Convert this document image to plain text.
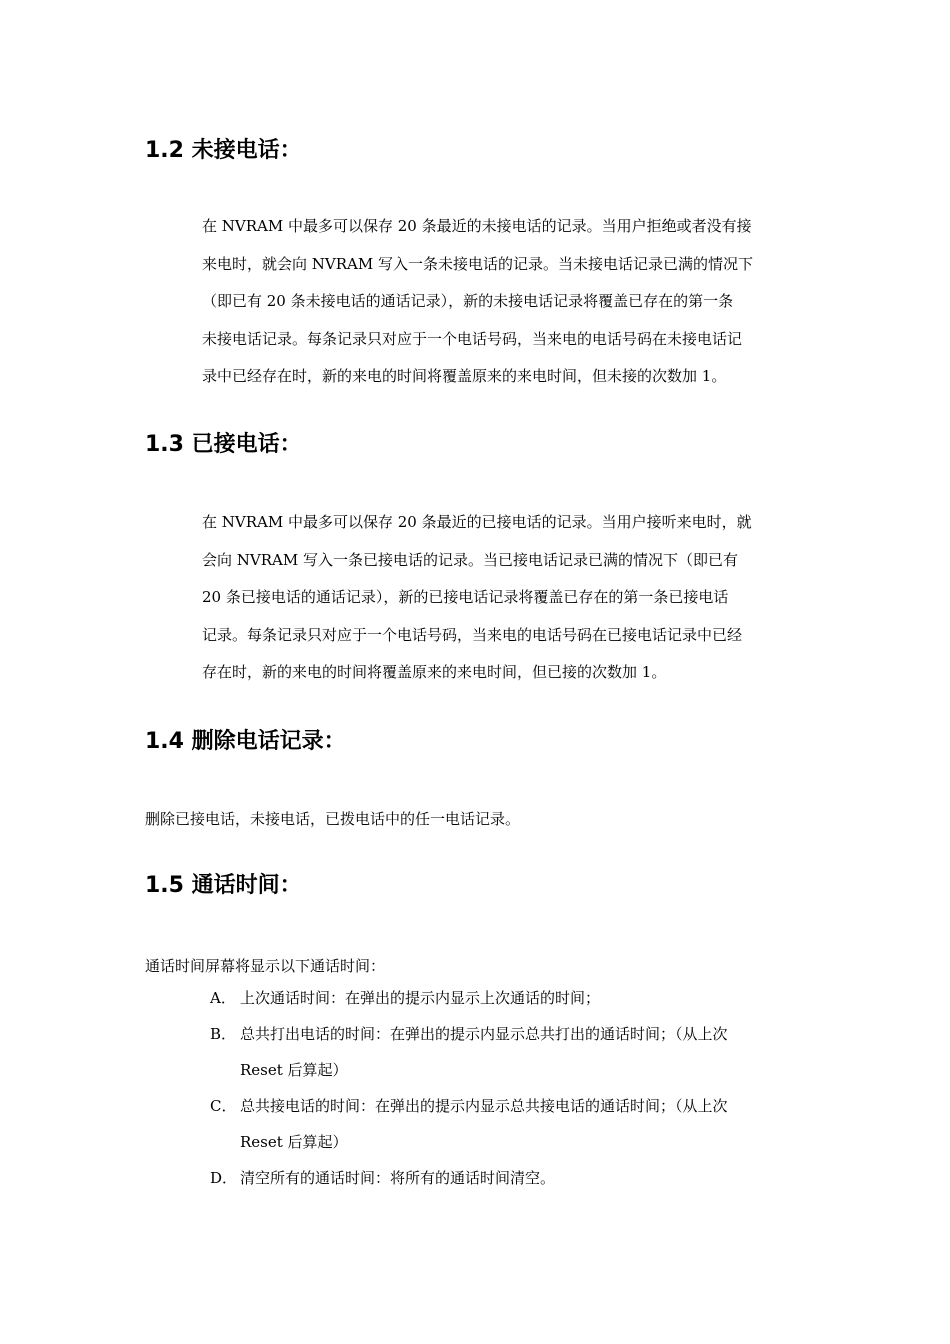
1.2 未接电话：
在 NVRAM 中最多可以保存 20 条最近的未接电话的记录。当用户拒绝或者没有接
来电时，就会向 NVRAM 写入一条未接电话的记录。当未接电话记录已满的情况下
（即已有 20 条未接电话的通话记录），新的未接电话记录将覆盖已存在的第一条
未接电话记录。每条记录只对应于一个电话号码，当来电的电话号码在未接电话记
录中已经存在时，新的来电的时间将覆盖原来的来电时间，但未接的次数加 1。
1.3 已接电话：
在 NVRAM 中最多可以保存 20 条最近的已接电话的记录。当用户接听来电时，就
会向 NVRAM 写入一条已接电话的记录。当已接电话记录已满的情况下（即已有
20 条已接电话的通话记录），新的已接电话记录将覆盖已存在的第一条已接电话
记录。每条记录只对应于一个电话号码，当来电的电话号码在已接电话记录中已经
存在时，新的来电的时间将覆盖原来的来电时间，但已接的次数加 1。
1.4 删除电话记录：

删除已接电话，未接电话，已拨电话中的任一电话记录。

1.5 通话时间：

通话时间屏幕将显示以下通话时间：

A． 上次通话时间：在弹出的提示内显示上次通话的时间；
B． 总共打出电话的时间：在弹出的提示内显示总共打出的通话时间；（从上次
Reset 后算起）
C． 总共接电话的时间：在弹出的提示内显示总共接电话的通话时间；（从上次
Reset 后算起）
D． 清空所有的通话时间：将所有的通话时间清空。
